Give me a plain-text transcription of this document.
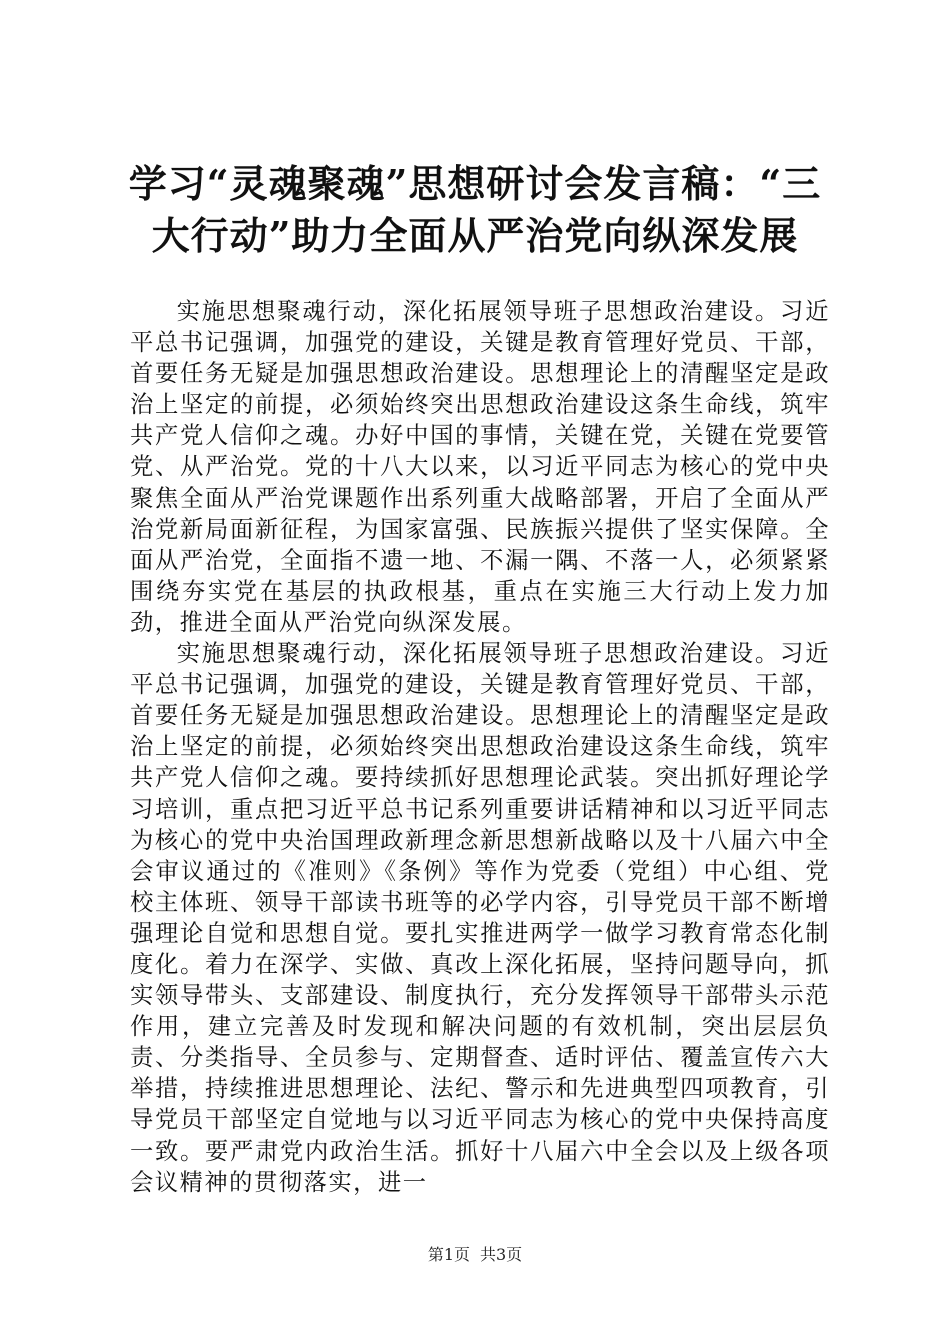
学习“灵魂聚魂”思想研讨会发言稿：“三大行动”助力全面从严治党向纵深发展

实施思想聚魂行动，深化拓展领导班子思想政治建设。习近平总书记强调，加强党的建设，关键是教育管理好党员、干部，首要任务无疑是加强思想政治建设。思想理论上的清醒坚定是政治上坚定的前提，必须始终突出思想政治建设这条生命线，筑牢共产党人信仰之魂。办好中国的事情，关键在党，关键在党要管党、从严治党。党的十八大以来，以习近平同志为核心的党中央聚焦全面从严治党课题作出系列重大战略部署，开启了全面从严治党新局面新征程，为国家富强、民族振兴提供了坚实保障。全面从严治党，全面指不遗一地、不漏一隅、不落一人，必须紧紧围绕夯实党在基层的执政根基，重点在实施三大行动上发力加劲，推进全面从严治党向纵深发展。

实施思想聚魂行动，深化拓展领导班子思想政治建设。习近平总书记强调，加强党的建设，关键是教育管理好党员、干部，首要任务无疑是加强思想政治建设。思想理论上的清醒坚定是政治上坚定的前提，必须始终突出思想政治建设这条生命线，筑牢共产党人信仰之魂。要持续抓好思想理论武装。突出抓好理论学习培训，重点把习近平总书记系列重要讲话精神和以习近平同志为核心的党中央治国理政新理念新思想新战略以及十八届六中全会审议通过的《准则》《条例》等作为党委（党组）中心组、党校主体班、领导干部读书班等的必学内容，引导党员干部不断增强理论自觉和思想自觉。要扎实推进两学一做学习教育常态化制度化。着力在深学、实做、真改上深化拓展，坚持问题导向，抓实领导带头、支部建设、制度执行，充分发挥领导干部带头示范作用，建立完善及时发现和解决问题的有效机制，突出层层负责、分类指导、全员参与、定期督查、适时评估、覆盖宣传六大举措，持续推进思想理论、法纪、警示和先进典型四项教育，引导党员干部坚定自觉地与以习近平同志为核心的党中央保持高度一致。要严肃党内政治生活。抓好十八届六中全会以及上级各项会议精神的贯彻落实，进一

第1页 共3页
